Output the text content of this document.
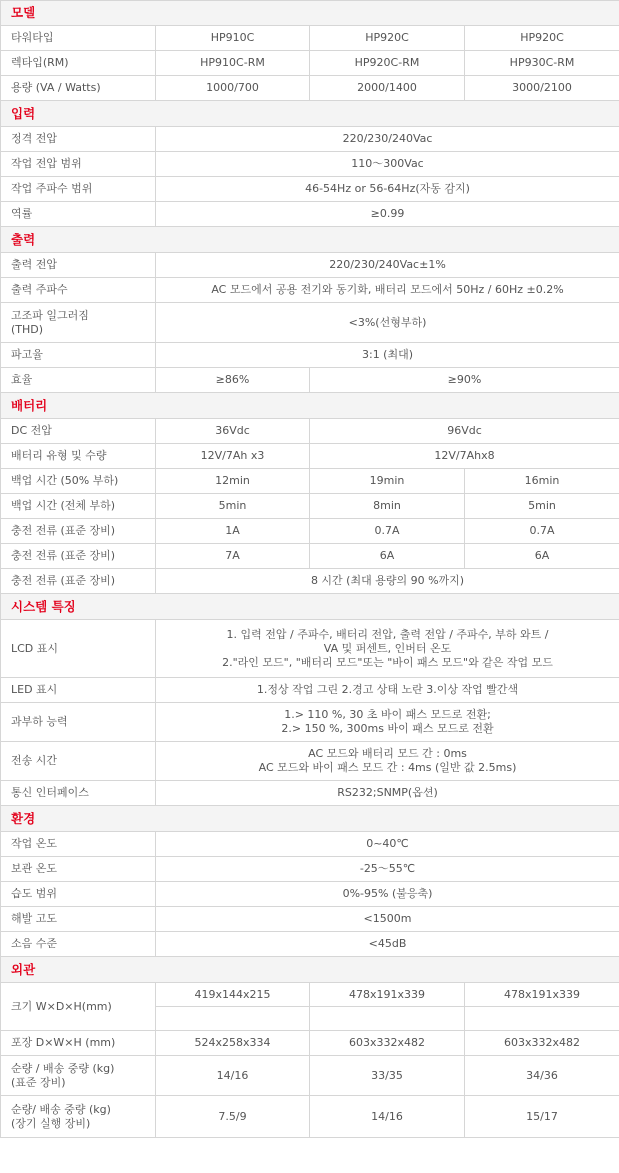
모델			
타워타입	HP910C	HP920C	HP920C
렉타입(RM)	HP910C-RM	HP920C-RM	HP930C-RM
용량 (VA / Watts)	1000/700	2000/1400	3000/2100
입력			
정격 전압	220/230/240Vac		
작업 전압 범위	110～300Vac		
작업 주파수 범위	46-54Hz or 56-64Hz(자동 감지)		
역률	≥0.99		
출력			
출력 전압	220/230/240Vac±1%		
출력 주파수	AC 모드에서 공용 전기와 동기화, 배터리 모드에서 50Hz / 60Hz ±0.2%		
고조파 일그러짐
(THD)	<3%(선형부하)		
파고율	3:1 (최대)		
효율	≥86%	≥90%	
배터리			
DC 전압	36Vdc	96Vdc	
배터리 유형 및 수량	12V/7Ah x3	12V/7Ahx8	
백업 시간 (50% 부하)	12min	19min	16min
백업 시간 (전체 부하)	5min	8min	5min
충전 전류 (표준 장비)	1A	0.7A	0.7A
충전 전류 (표준 장비)	7A	6A	6A
충전 전류 (표준 장비)	8 시간 (최대 용량의 90 %까지)		
시스템 특징			
LCD 표시	1. 입력 전압 / 주파수, 배터리 전압, 출력 전압 / 주파수, 부하 와트 /
VA 및 퍼센트, 인버터 온도
2."라인 모드", "배터리 모드"또는 "바이 패스 모드"와 같은 작업 모드		
LED 표시	1.정상 작업 그린 2.경고 상태 노란 3.이상 작업 빨간색		
과부하 능력	1.> 110 %, 30 초 바이 패스 모드로 전환;
2.> 150 %, 300ms 바이 패스 모드로 전환		
전송 시간	AC 모드와 배터리 모드 간 : 0ms
AC 모드와 바이 패스 모드 간 : 4ms (일반 값 2.5ms)		
통신 인터페이스	RS232;SNMP(옵션)		
환경			
작업 온도	0~40℃		
보관 온도	-25～55℃		
습도 범위	0%-95% (불응축)		
해발 고도	<1500m		
소음 수준	<45dB		
외관			
크기 W×D×H(mm)	419x144x215	478x191x339	478x191x339

포장 D×W×H (mm)	524x258x334	603x332x482	603x332x482
순량 / 배송 중량 (kg)
(표준 장비)	14/16	33/35	34/36
순량/ 배송 중량 (kg)
(장기 실행 장비)	7.5/9	14/16	15/17
